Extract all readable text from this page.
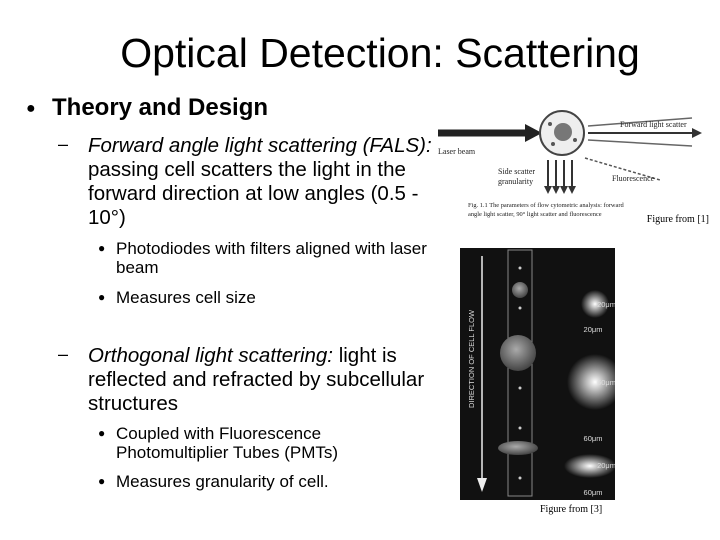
Optical Detection: Scattering
● Theory and Design
– Forward angle light scattering (FALS): passing cell scatters the light in the forward direction at low angles (0.5 - 10°)
● Photodiodes with filters aligned with laser beam
● Measures cell size
– Orthogonal light scattering: light is reflected and refracted by subcellular structures
● Coupled with Fluorescence Photomultiplier Tubes (PMTs)
● Measures granularity of cell.
Laser beam
Forward light scatter
Side scatter
granularity	Fluorescence
Fig. 1.1 The parameters of flow cytometric analysis: forward
angle light scatter, 90° light scatter and fluorescence	Figure from [1]
DIRECTION OF CELL FLOW
20μm
20μm
60μm
60μm
20μm
60μm
Figure from [3]
